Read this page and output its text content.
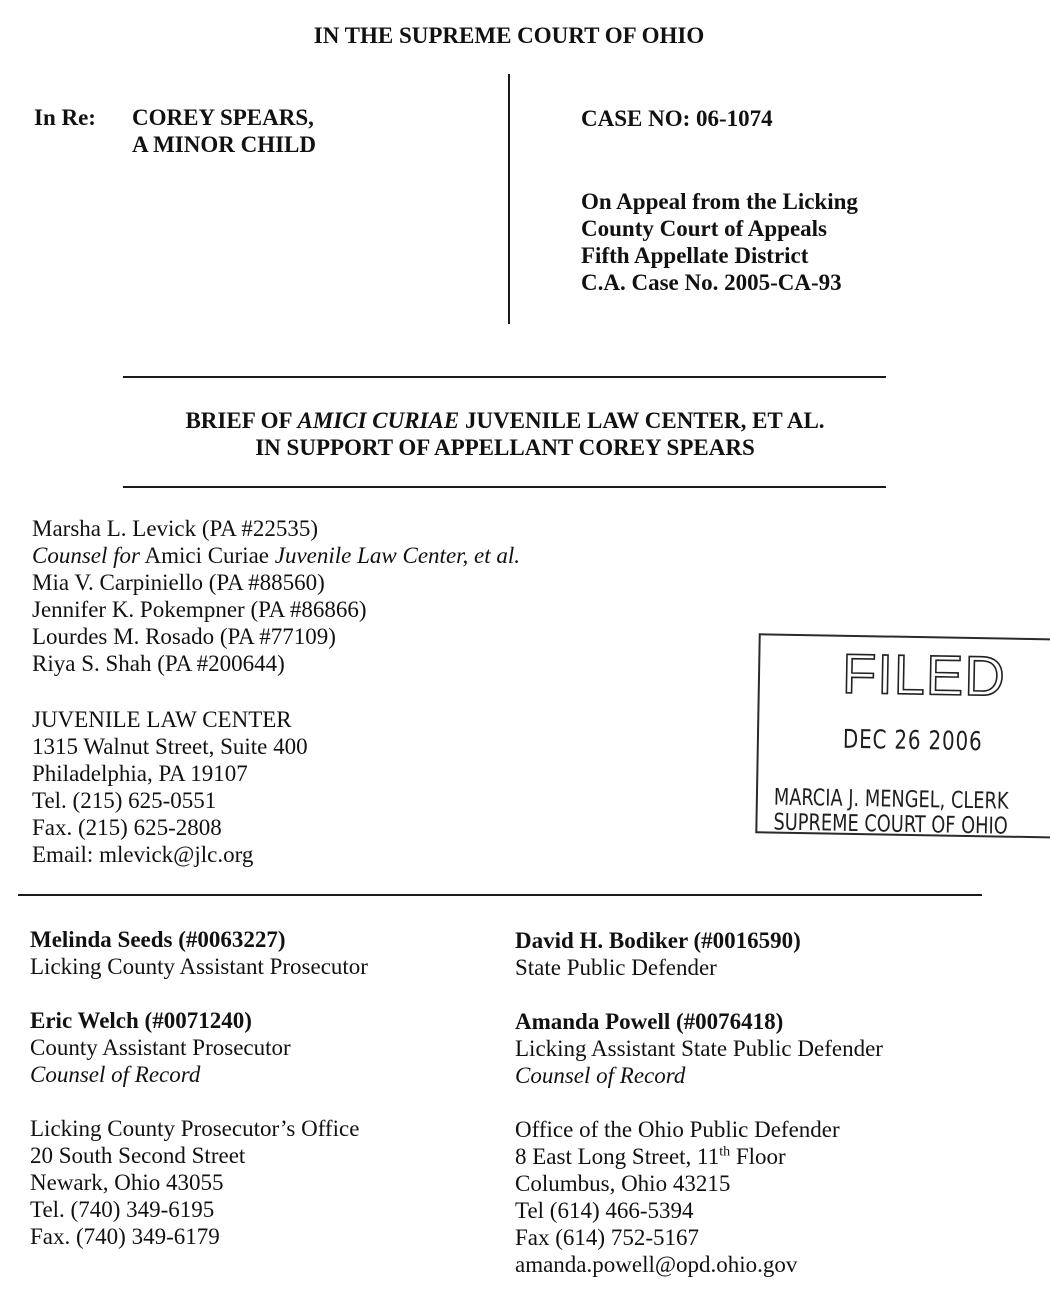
IN THE SUPREME COURT OF OHIO
In Re: COREY SPEARS,
A MINOR CHILD
CASE NO: 06-1074
On Appeal from the Licking
County Court of Appeals
Fifth Appellate District
C.A. Case No. 2005-CA-93
BRIEF OF AMICI CURIAE JUVENILE LAW CENTER, ET AL.
IN SUPPORT OF APPELLANT COREY SPEARS
Marsha L. Levick (PA #22535)
Counsel for Amici Curiae Juvenile Law Center, et al.
Mia V. Carpiniello (PA #88560)
Jennifer K. Pokempner (PA #86866)
Lourdes M. Rosado (PA #77109)
Riya S. Shah (PA #200644)
JUVENILE LAW CENTER
1315 Walnut Street, Suite 400
Philadelphia, PA 19107
Tel. (215) 625-0551
Fax. (215) 625-2808
Email: mlevick@jlc.org
FILED
DEC 26 2006
MARCIA J. MENGEL, CLERK
SUPREME COURT OF OHIO
Melinda Seeds (#0063227)
Licking County Assistant Prosecutor
Eric Welch (#0071240)
County Assistant Prosecutor
Counsel of Record
Licking County Prosecutor’s Office
20 South Second Street
Newark, Ohio 43055
Tel. (740) 349-6195
Fax. (740) 349-6179
David H. Bodiker (#0016590)
State Public Defender
Amanda Powell (#0076418)
Licking Assistant State Public Defender
Counsel of Record
Office of the Ohio Public Defender
8 East Long Street, 11th Floor
Columbus, Ohio 43215
Tel (614) 466-5394
Fax (614) 752-5167
amanda.powell@opd.ohio.gov
